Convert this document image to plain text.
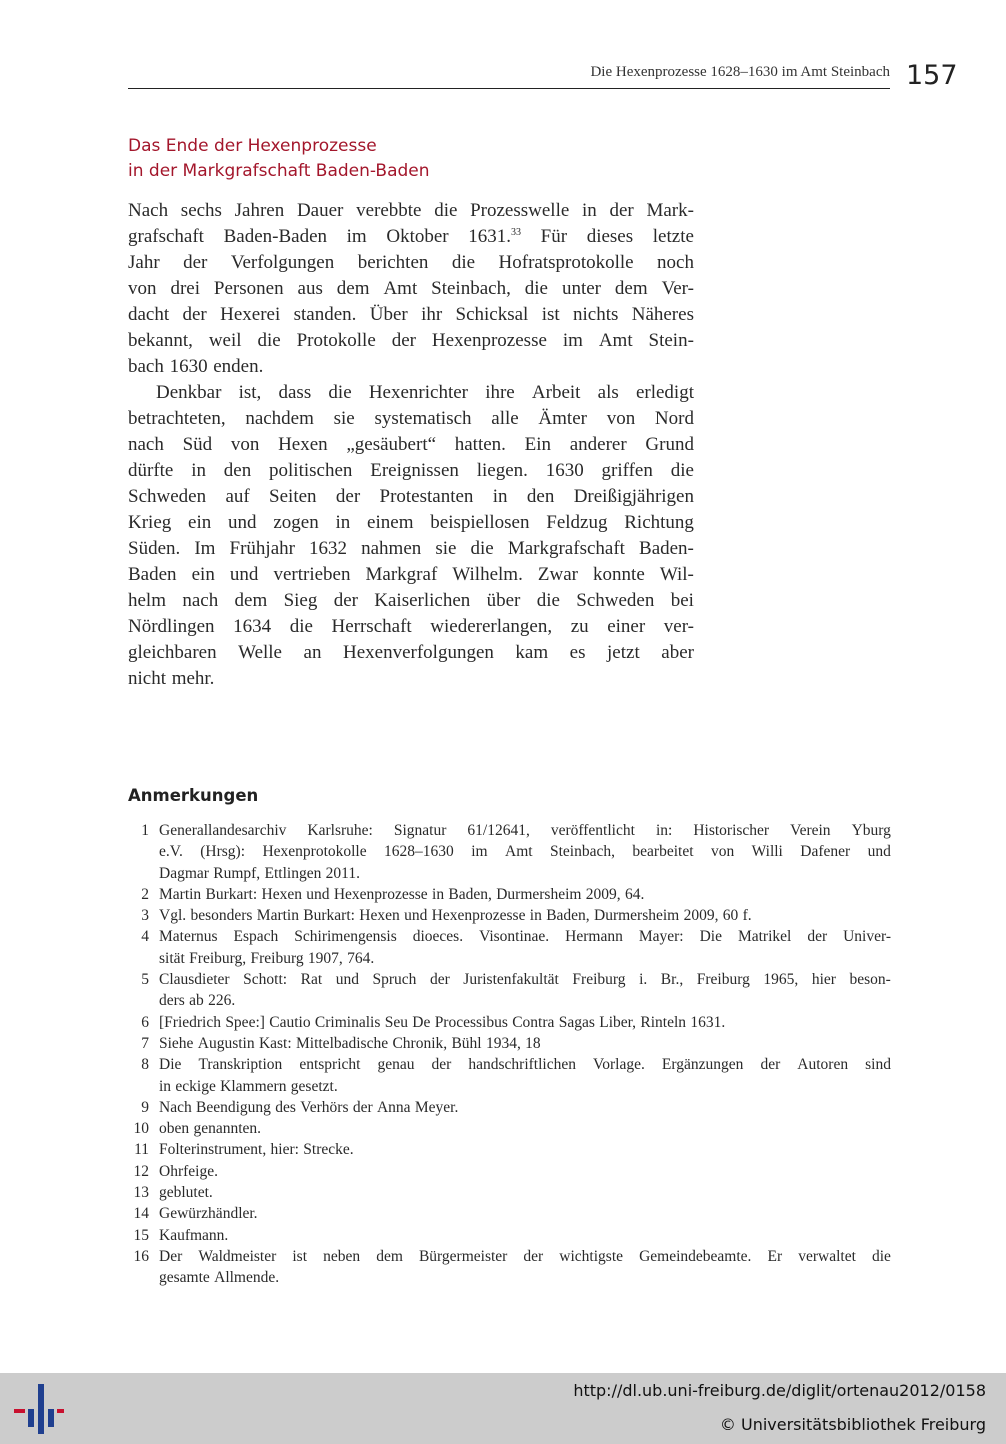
Die Hexenprozesse 1628–1630 im Amt Steinbach 157
Das Ende der Hexenprozesse
in der Markgrafschaft Baden-Baden
Nach sechs Jahren Dauer verebbte die Prozesswelle in der Mark-
grafschaft Baden-Baden im Oktober 1631.33 Für dieses letzte
Jahr der Verfolgungen berichten die Hofratsprotokolle noch
von drei Personen aus dem Amt Steinbach, die unter dem Ver-
dacht der Hexerei standen. Über ihr Schicksal ist nichts Näheres
bekannt, weil die Protokolle der Hexenprozesse im Amt Stein-
bach 1630 enden.
Denkbar ist, dass die Hexenrichter ihre Arbeit als erledigt
betrachteten, nachdem sie systematisch alle Ämter von Nord
nach Süd von Hexen „gesäubert“ hatten. Ein anderer Grund
dürfte in den politischen Ereignissen liegen. 1630 griffen die
Schweden auf Seiten der Protestanten in den Dreißigjährigen
Krieg ein und zogen in einem beispiellosen Feldzug Richtung
Süden. Im Frühjahr 1632 nahmen sie die Markgrafschaft Baden-
Baden ein und vertrieben Markgraf Wilhelm. Zwar konnte Wil-
helm nach dem Sieg der Kaiserlichen über die Schweden bei
Nördlingen 1634 die Herrschaft wiedererlangen, zu einer ver-
gleichbaren Welle an Hexenverfolgungen kam es jetzt aber
nicht mehr.
Anmerkungen
1 Generallandesarchiv Karlsruhe: Signatur 61/12641, veröffentlicht in: Historischer Verein Yburg
e.V. (Hrsg): Hexenprotokolle 1628–1630 im Amt Steinbach, bearbeitet von Willi Dafener und
Dagmar Rumpf, Ettlingen 2011.
2 Martin Burkart: Hexen und Hexenprozesse in Baden, Durmersheim 2009, 64.
3 Vgl. besonders Martin Burkart: Hexen und Hexenprozesse in Baden, Durmersheim 2009, 60 f.
4 Maternus Espach Schirimengensis dioeces. Visontinae. Hermann Mayer: Die Matrikel der Univer-
sität Freiburg, Freiburg 1907, 764.
5 Clausdieter Schott: Rat und Spruch der Juristenfakultät Freiburg i. Br., Freiburg 1965, hier beson-
ders ab 226.
6 [Friedrich Spee:] Cautio Criminalis Seu De Processibus Contra Sagas Liber, Rinteln 1631.
7 Siehe Augustin Kast: Mittelbadische Chronik, Bühl 1934, 18
8 Die Transkription entspricht genau der handschriftlichen Vorlage. Ergänzungen der Autoren sind
in eckige Klammern gesetzt.
9 Nach Beendigung des Verhörs der Anna Meyer.
10 oben genannten.
11 Folterinstrument, hier: Strecke.
12 Ohrfeige.
13 geblutet.
14 Gewürzhändler.
15 Kaufmann.
16 Der Waldmeister ist neben dem Bürgermeister der wichtigste Gemeindebeamte. Er verwaltet die
gesamte Allmende.
http://dl.ub.uni-freiburg.de/diglit/ortenau2012/0158
© Universitätsbibliothek Freiburg
